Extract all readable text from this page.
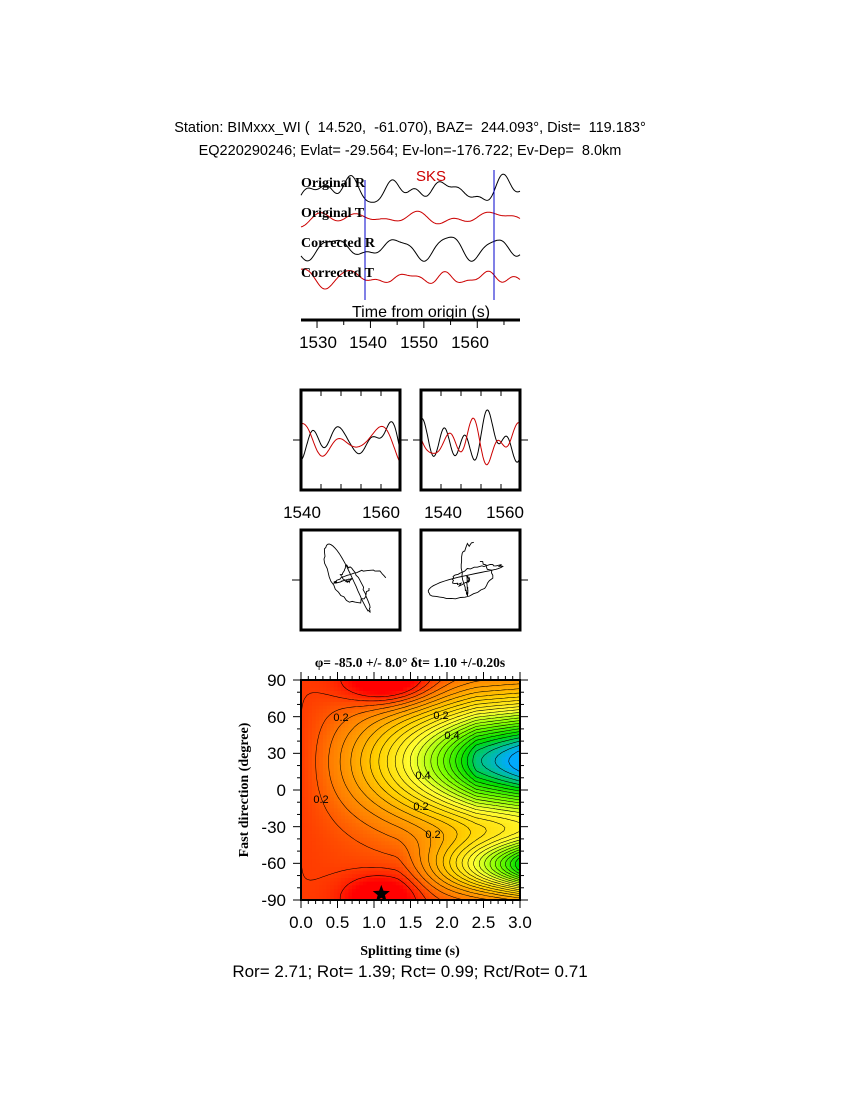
Station: BIMxxx_WI (  14.520,  -61.070), BAZ=  244.093°, Dist=  119.183°
EQ220290246; Evlat= -29.564; Ev-lon=-176.722; Ev-Dep=  8.0km
Original R
Original T
Corrected R
Corrected T
SKS
Time from origin (s)
1530 1540 1550 1560
1540 1560 1540 1560
φ= -85.0 +/- 8.0° δt= 1.10 +/-0.20s
Splitting time (s)
Fast direction (degree)
0.0 0.5 1.0 1.5 2.0 2.5 3.0
90
60
30
0
-30
-60
-90
0.2	0.2
0.4
0.4
0.2
0.2
0.2
Ror= 2.71; Rot= 1.39; Rct= 0.99; Rct/Rot= 0.71
